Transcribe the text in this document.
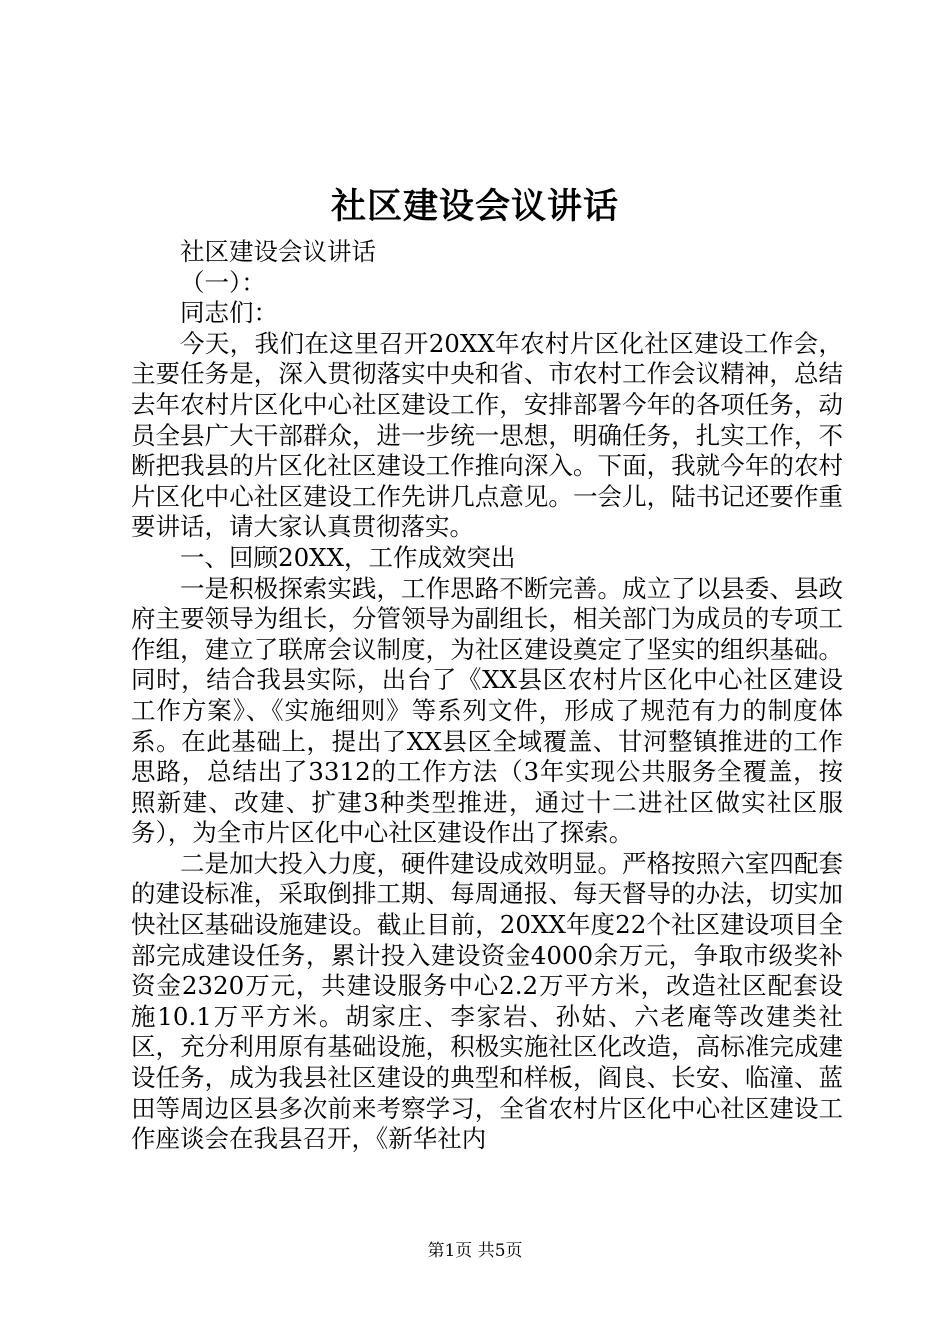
社区建设会议讲话

社区建设会议讲话

（一）：

同志们：

今天，我们在这里召开20XX年农村片区化社区建设工作会，主要任务是，深入贯彻落实中央和省、市农村工作会议精神，总结去年农村片区化中心社区建设工作，安排部署今年的各项任务，动员全县广大干部群众，进一步统一思想，明确任务，扎实工作，不断把我县的片区化社区建设工作推向深入。下面，我就今年的农村片区化中心社区建设工作先讲几点意见。一会儿，陆书记还要作重要讲话，请大家认真贯彻落实。

一、回顾20XX，工作成效突出

一是积极探索实践，工作思路不断完善。成立了以县委、县政府主要领导为组长，分管领导为副组长，相关部门为成员的专项工作组，建立了联席会议制度，为社区建设奠定了坚实的组织基础。同时，结合我县实际，出台了《XX县区农村片区化中心社区建设工作方案》、《实施细则》等系列文件，形成了规范有力的制度体系。在此基础上，提出了XX县区全域覆盖、甘河整镇推进的工作思路，总结出了3312的工作方法（3年实现公共服务全覆盖，按照新建、改建、扩建3种类型推进，通过十二进社区做实社区服务），为全市片区化中心社区建设作出了探索。

二是加大投入力度，硬件建设成效明显。严格按照六室四配套的建设标准，采取倒排工期、每周通报、每天督导的办法，切实加快社区基础设施建设。截止目前，20XX年度22个社区建设项目全部完成建设任务，累计投入建设资金4000余万元，争取市级奖补资金2320万元，共建设服务中心2.2万平方米，改造社区配套设施10.1万平方米。胡家庄、李家岩、孙姑、六老庵等改建类社区，充分利用原有基础设施，积极实施社区化改造，高标准完成建设任务，成为我县社区建设的典型和样板，阎良、长安、临潼、蓝田等周边区县多次前来考察学习，全省农村片区化中心社区建设工作座谈会在我县召开，《新华社内

第1页 共5页
